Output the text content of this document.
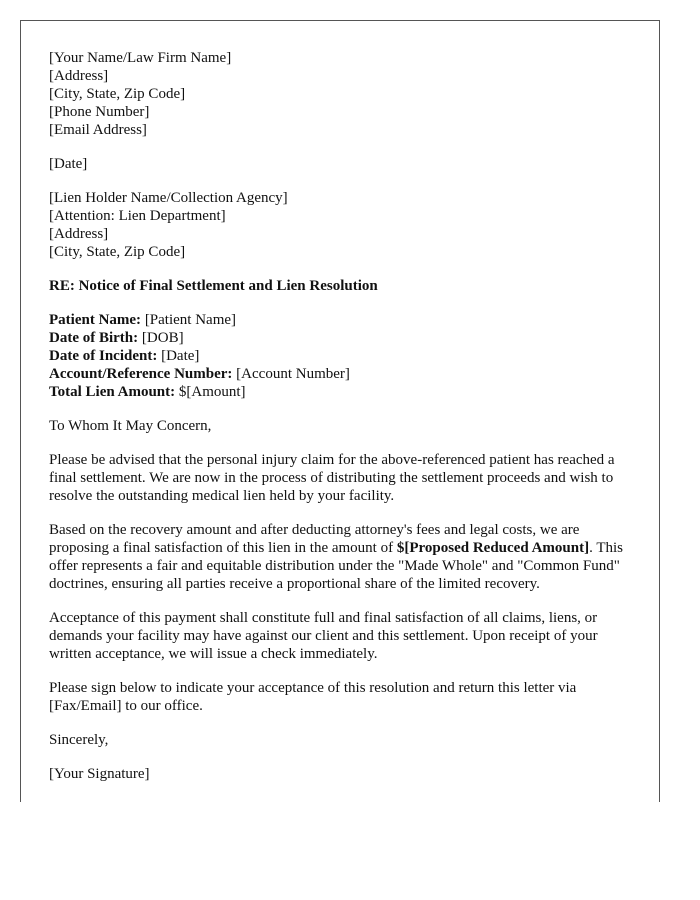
[Your Name/Law Firm Name]
[Address]
[City, State, Zip Code]
[Phone Number]
[Email Address]

[Date]

[Lien Holder Name/Collection Agency]
[Attention: Lien Department]
[Address]
[City, State, Zip Code]

RE: Notice of Final Settlement and Lien Resolution

Patient Name: [Patient Name]
Date of Birth: [DOB]
Date of Incident: [Date]
Account/Reference Number: [Account Number]
Total Lien Amount: $[Amount]

To Whom It May Concern,

Please be advised that the personal injury claim for the above-referenced patient has reached a final settlement. We are now in the process of distributing the settlement proceeds and wish to resolve the outstanding medical lien held by your facility.

Based on the recovery amount and after deducting attorney's fees and legal costs, we are proposing a final satisfaction of this lien in the amount of $[Proposed Reduced Amount]. This offer represents a fair and equitable distribution under the "Made Whole" and "Common Fund" doctrines, ensuring all parties receive a proportional share of the limited recovery.

Acceptance of this payment shall constitute full and final satisfaction of all claims, liens, or demands your facility may have against our client and this settlement. Upon receipt of your written acceptance, we will issue a check immediately.

Please sign below to indicate your acceptance of this resolution and return this letter via [Fax/Email] to our office.

Sincerely,

[Your Signature]
